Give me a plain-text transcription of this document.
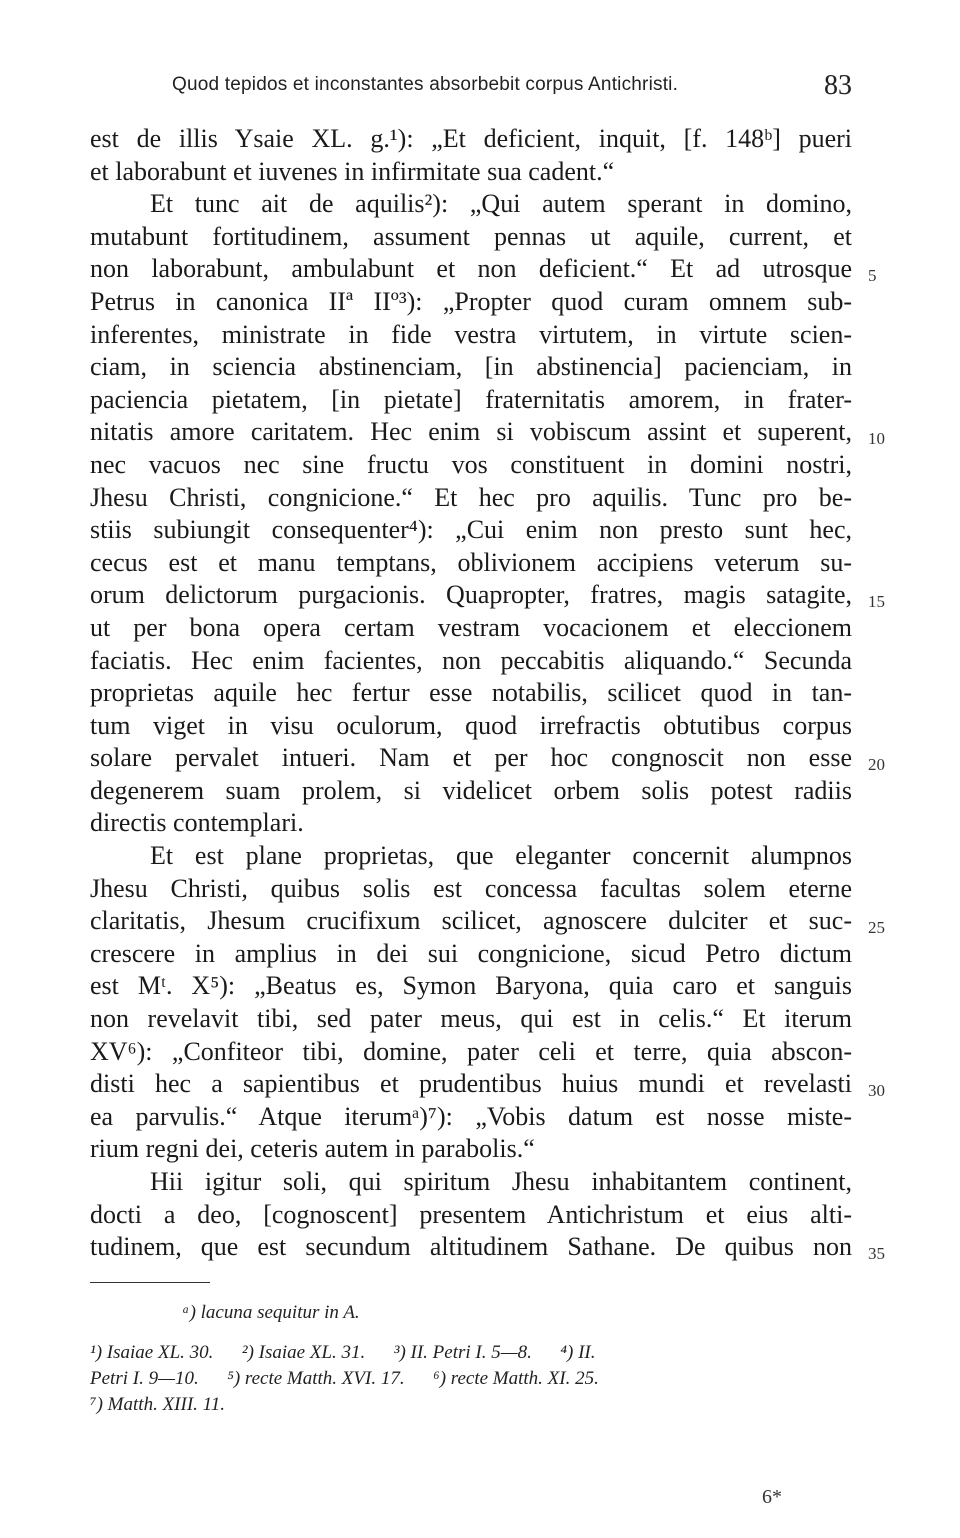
Quod tepidos et inconstantes absorbebit corpus Antichristi.	83
est de illis Ysaie XL. g.¹): „Et deficient, inquit, [f. 148ᵇ] pueri
et laborabunt et iuvenes in infirmitate sua cadent.“
Et tunc ait de aquilis²): „Qui autem sperant in domino,
mutabunt fortitudinem, assument pennas ut aquile, current, et
non laborabunt, ambulabunt et non deficient.“ Et ad utrosque
Petrus in canonica IIª IIº³): „Propter quod curam omnem sub-
inferentes, ministrate in fide vestra virtutem, in virtute scien-
ciam, in sciencia abstinenciam, [in abstinencia] pacienciam, in
paciencia pietatem, [in pietate] fraternitatis amorem, in frater-
nitatis amore caritatem. Hec enim si vobiscum assint et superent,
nec vacuos nec sine fructu vos constituent in domini nostri,
Jhesu Christi, congnicione.“ Et hec pro aquilis. Tunc pro be-
stiis subiungit consequenter⁴): „Cui enim non presto sunt hec,
cecus est et manu temptans, oblivionem accipiens veterum su-
orum delictorum purgacionis. Quapropter, fratres, magis satagite,
ut per bona opera certam vestram vocacionem et eleccionem
faciatis. Hec enim facientes, non peccabitis aliquando.“ Secunda
proprietas aquile hec fertur esse notabilis, scilicet quod in tan-
tum viget in visu oculorum, quod irrefractis obtutibus corpus
solare pervalet intueri. Nam et per hoc congnoscit non esse
degenerem suam prolem, si videlicet orbem solis potest radiis
directis contemplari.
Et est plane proprietas, que eleganter concernit alumpnos
Jhesu Christi, quibus solis est concessa facultas solem eterne
claritatis, Jhesum crucifixum scilicet, agnoscere dulciter et suc-
crescere in amplius in dei sui congnicione, sicud Petro dictum
est Mᵗ. X⁵): „Beatus es, Symon Baryona, quia caro et sanguis
non revelavit tibi, sed pater meus, qui est in celis.“ Et iterum
XV⁶): „Confiteor tibi, domine, pater celi et terre, quia abscon-
disti hec a sapientibus et prudentibus huius mundi et revelasti
ea parvulis.“ Atque iterumᵃ)⁷): „Vobis datum est nosse miste-
rium regni dei, ceteris autem in parabolis.“
Hii igitur soli, qui spiritum Jhesu inhabitantem continent,
docti a deo, [cognoscent] presentem Antichristum et eius alti-
tudinem, que est secundum altitudinem Sathane. De quibus non
5
10
15
20
25
30
35
ᵃ) lacuna sequitur in A.
¹) Isaiae XL. 30.      ²) Isaiae XL. 31.      ³) II. Petri I. 5—8.      ⁴) II.
Petri I. 9—10.      ⁵) recte Matth. XVI. 17.      ⁶) recte Matth. XI. 25.
⁷) Matth. XIII. 11.
6*
